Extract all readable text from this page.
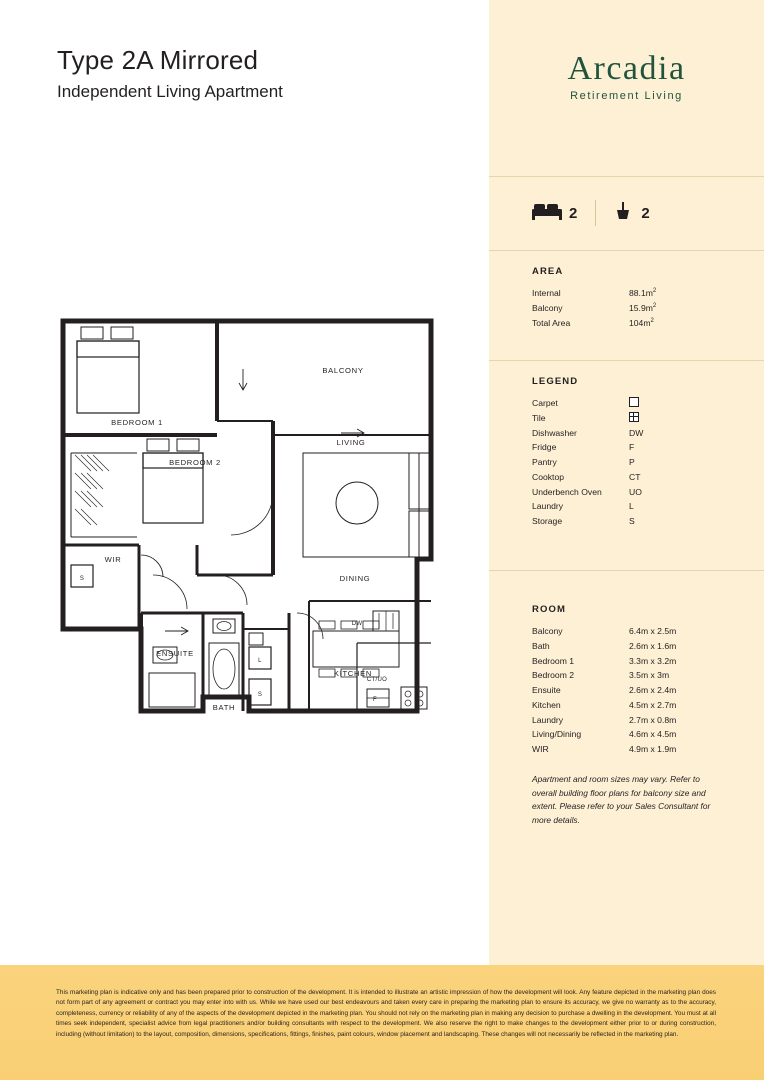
Type 2A Mirrored

Independent Living Apartment

BALCONY
BEDROOM 1
BEDROOM 2
LIVING
DINING
WIR
ENSUITE
BATH
KITCHEN
DW
CT/UO
F
L
S
S
Arcadia
Retirement Living
2	2
AREA
Internal	$88.1m^2$
Balcony	$15.9m^2$
Total Area	$104m^2$
LEGEND
Carpet
Tile
Dishwasher	DW
Fridge	F
Pantry	P
Cooktop	CT
Underbench Oven	UO
Laundry	L
Storage	S
ROOM
Balcony	6.4m x 2.5m
Bath	2.6m x 1.6m
Bedroom 1	3.3m x 3.2m
Bedroom 2	3.5m x 3m
Ensuite	2.6m x 2.4m
Kitchen	4.5m x 2.7m
Laundry	2.7m x 0.8m
Living/Dining	4.6m x 4.5m
WIR	4.9m x 1.9m
Apartment and room sizes may vary. Refer to overall building floor plans for balcony size and extent. Please refer to your Sales Consultant for more details.
This marketing plan is indicative only and has been prepared prior to construction of the development. It is intended to illustrate an artistic impression of how the development will look. Any feature depicted in the marketing plan does not form part of any agreement or contract you may enter into with us. While we have used our best endeavours and taken every care in preparing the marketing plan to ensure its accuracy, we give no warranty as to the accuracy, completeness, currency or reliability of any of the aspects of the development depicted in the marketing plan. You should not rely on the marketing plan in making any decision to purchase a dwelling in the development. You must at all times seek independent, specialist advice from legal practitioners and/or building consultants with respect to the development. We also reserve the right to make changes to the development either prior to or during construction, including (without limitation) to the layout, composition, dimensions, specifications, fittings, finishes, paint colours, window placement and landscaping. These changes will not necessarily be reflected in the marketing plan.
